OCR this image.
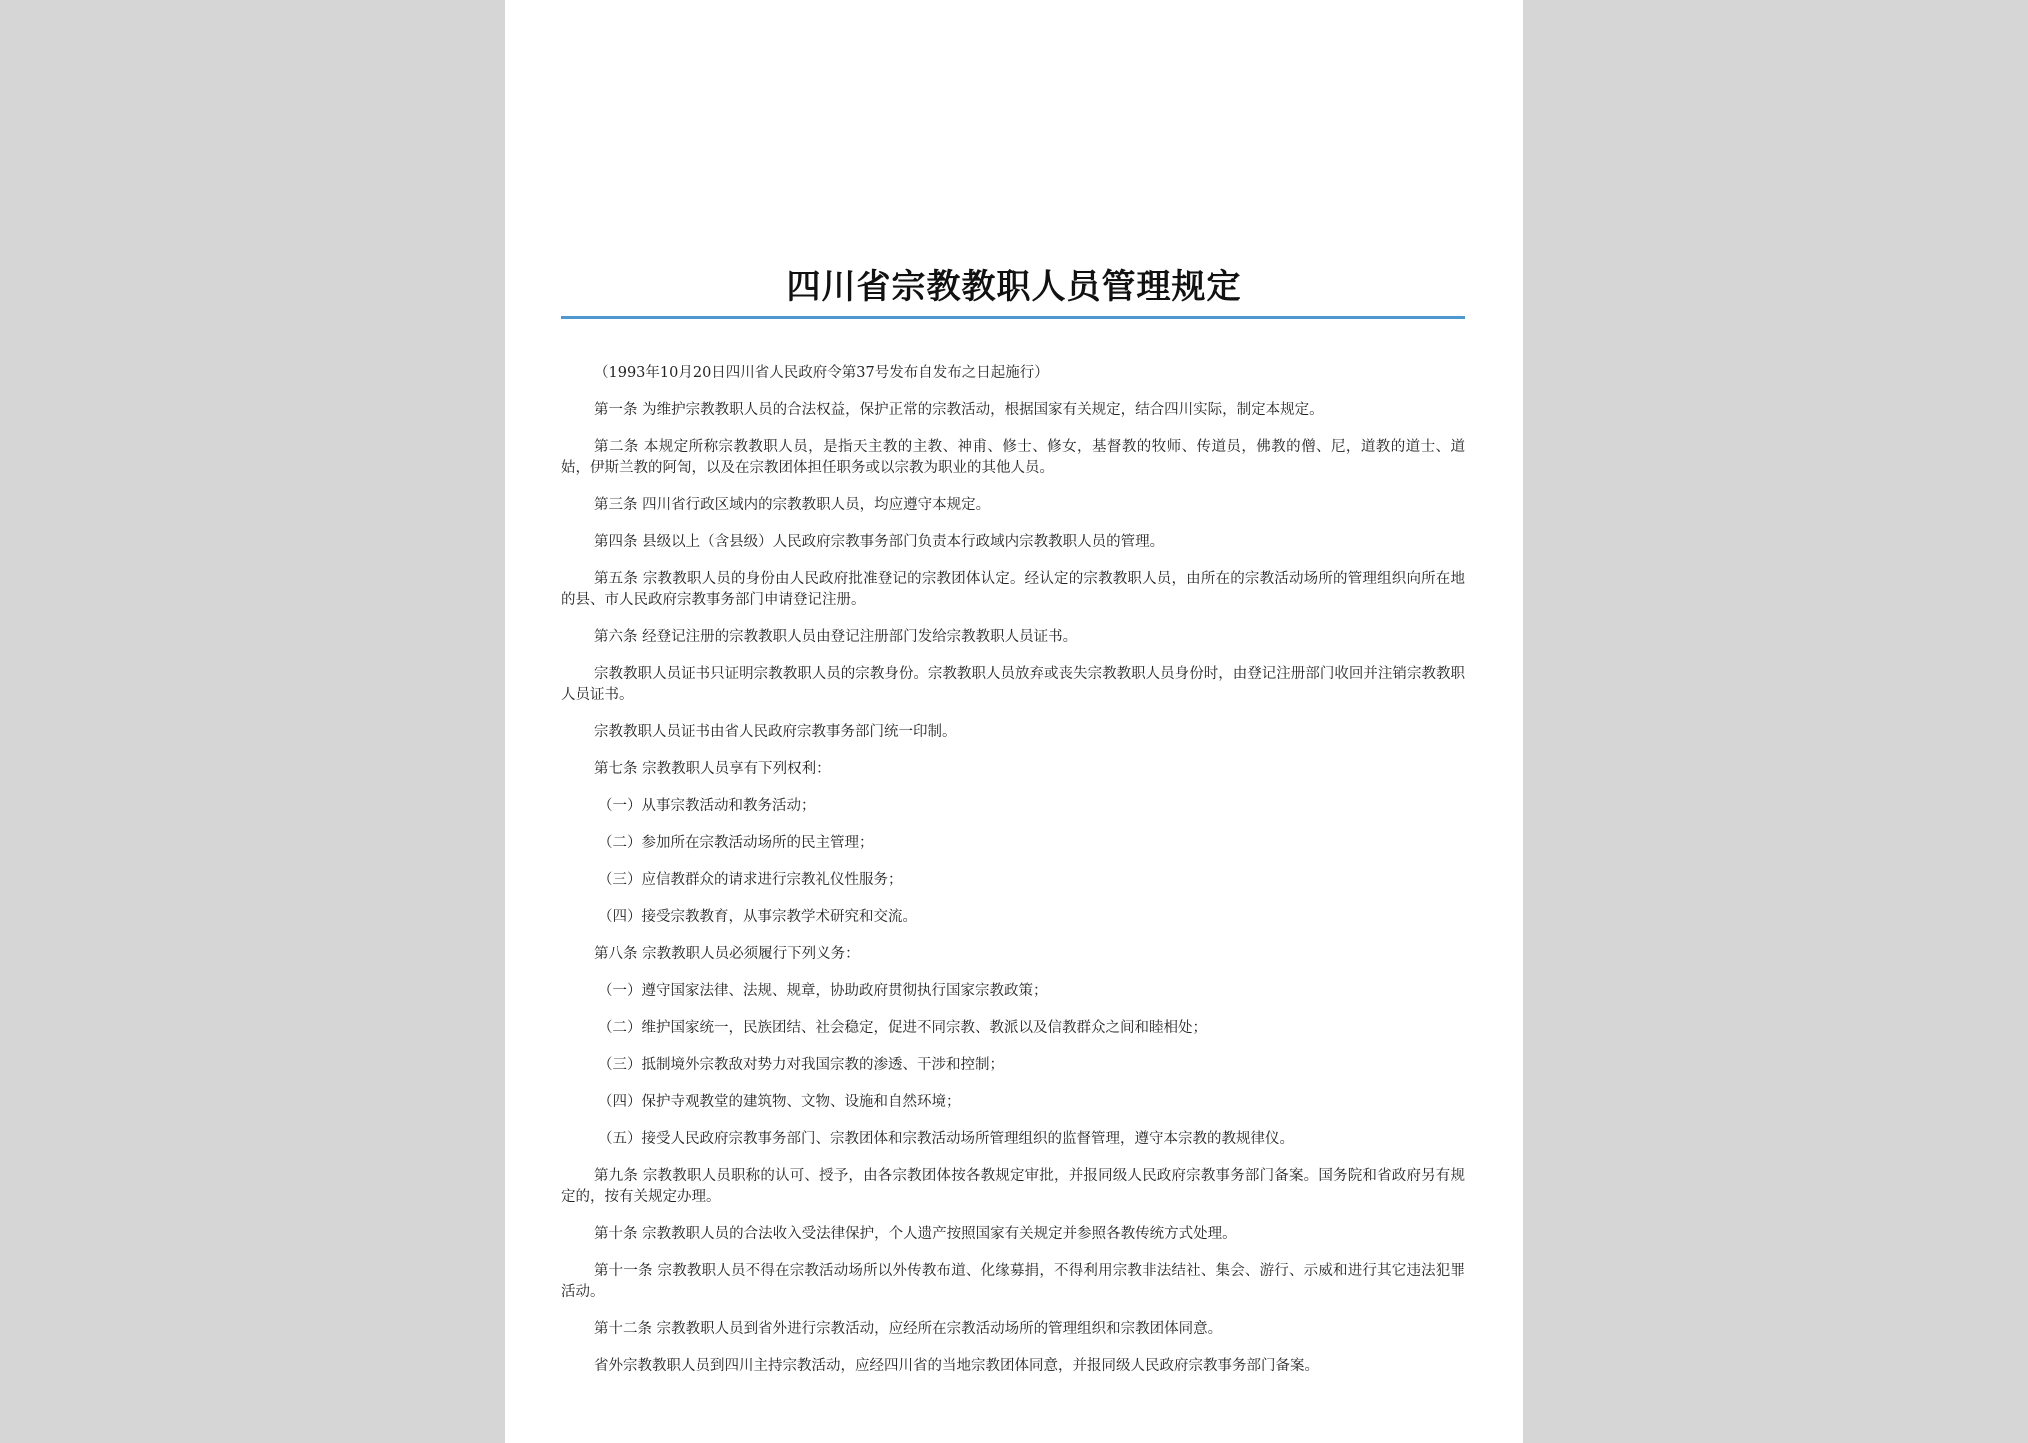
四川省宗教教职人员管理规定

（1993年10月20日四川省人民政府令第37号发布自发布之日起施行）

第一条 为维护宗教教职人员的合法权益，保护正常的宗教活动，根据国家有关规定，结合四川实际，制定本规定。

第二条 本规定所称宗教教职人员，是指天主教的主教、神甫、修士、修女，基督教的牧师、传道员，佛教的僧、尼，道教的道士、道姑，伊斯兰教的阿訇，以及在宗教团体担任职务或以宗教为职业的其他人员。

第三条 四川省行政区域内的宗教教职人员，均应遵守本规定。

第四条 县级以上（含县级）人民政府宗教事务部门负责本行政域内宗教教职人员的管理。

第五条 宗教教职人员的身份由人民政府批准登记的宗教团体认定。经认定的宗教教职人员，由所在的宗教活动场所的管理组织向所在地的县、市人民政府宗教事务部门申请登记注册。

第六条 经登记注册的宗教教职人员由登记注册部门发给宗教教职人员证书。

宗教教职人员证书只证明宗教教职人员的宗教身份。宗教教职人员放弃或丧失宗教教职人员身份时，由登记注册部门收回并注销宗教教职人员证书。

宗教教职人员证书由省人民政府宗教事务部门统一印制。

第七条 宗教教职人员享有下列权利：

（一）从事宗教活动和教务活动；

（二）参加所在宗教活动场所的民主管理；

（三）应信教群众的请求进行宗教礼仪性服务；

（四）接受宗教教育，从事宗教学术研究和交流。

第八条 宗教教职人员必须履行下列义务：

（一）遵守国家法律、法规、规章，协助政府贯彻执行国家宗教政策；

（二）维护国家统一，民族团结、社会稳定，促进不同宗教、教派以及信教群众之间和睦相处；

（三）抵制境外宗教敌对势力对我国宗教的渗透、干涉和控制；

（四）保护寺观教堂的建筑物、文物、设施和自然环境；

（五）接受人民政府宗教事务部门、宗教团体和宗教活动场所管理组织的监督管理，遵守本宗教的教规律仪。

第九条 宗教教职人员职称的认可、授予，由各宗教团体按各教规定审批，并报同级人民政府宗教事务部门备案。国务院和省政府另有规定的，按有关规定办理。

第十条 宗教教职人员的合法收入受法律保护，个人遗产按照国家有关规定并参照各教传统方式处理。

第十一条 宗教教职人员不得在宗教活动场所以外传教布道、化缘募捐，不得利用宗教非法结社、集会、游行、示威和进行其它违法犯罪活动。

第十二条 宗教教职人员到省外进行宗教活动，应经所在宗教活动场所的管理组织和宗教团体同意。

省外宗教教职人员到四川主持宗教活动，应经四川省的当地宗教团体同意，并报同级人民政府宗教事务部门备案。
